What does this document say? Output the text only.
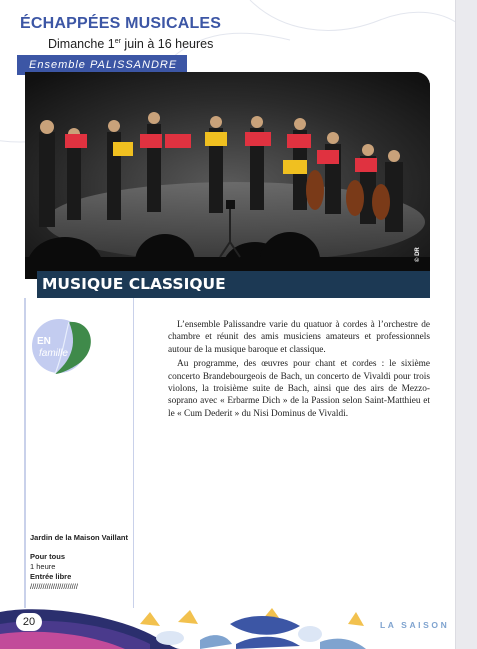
ÉCHAPPÉES MUSICALES
Dimanche 1er juin à 16 heures
Ensemble PALISSANDRE
© DR
MUSIQUE CLASSIQUE
EN
famille

L’ensemble Palissandre varie du quatuor à cordes à l’orchestre de chambre et réunit des amis musiciens amateurs et professionnels autour de la musique baroque et classique.

Au programme, des œuvres pour chant et cordes : le sixième concerto Brandebourgeois de Bach, un concerto de Vivaldi pour trois violons, la troisième suite de Bach, ainsi que des airs de Mezzo-soprano avec « Erbarme Dich » de la Passion selon Saint-Matthieu et le « Cum Dederit » du Nisi Dominus de Vivaldi.

Jardin de la Maison Vaillant
Pour tous
1 heure
Entrée libre
///////////////////////
20	LA SAISON
